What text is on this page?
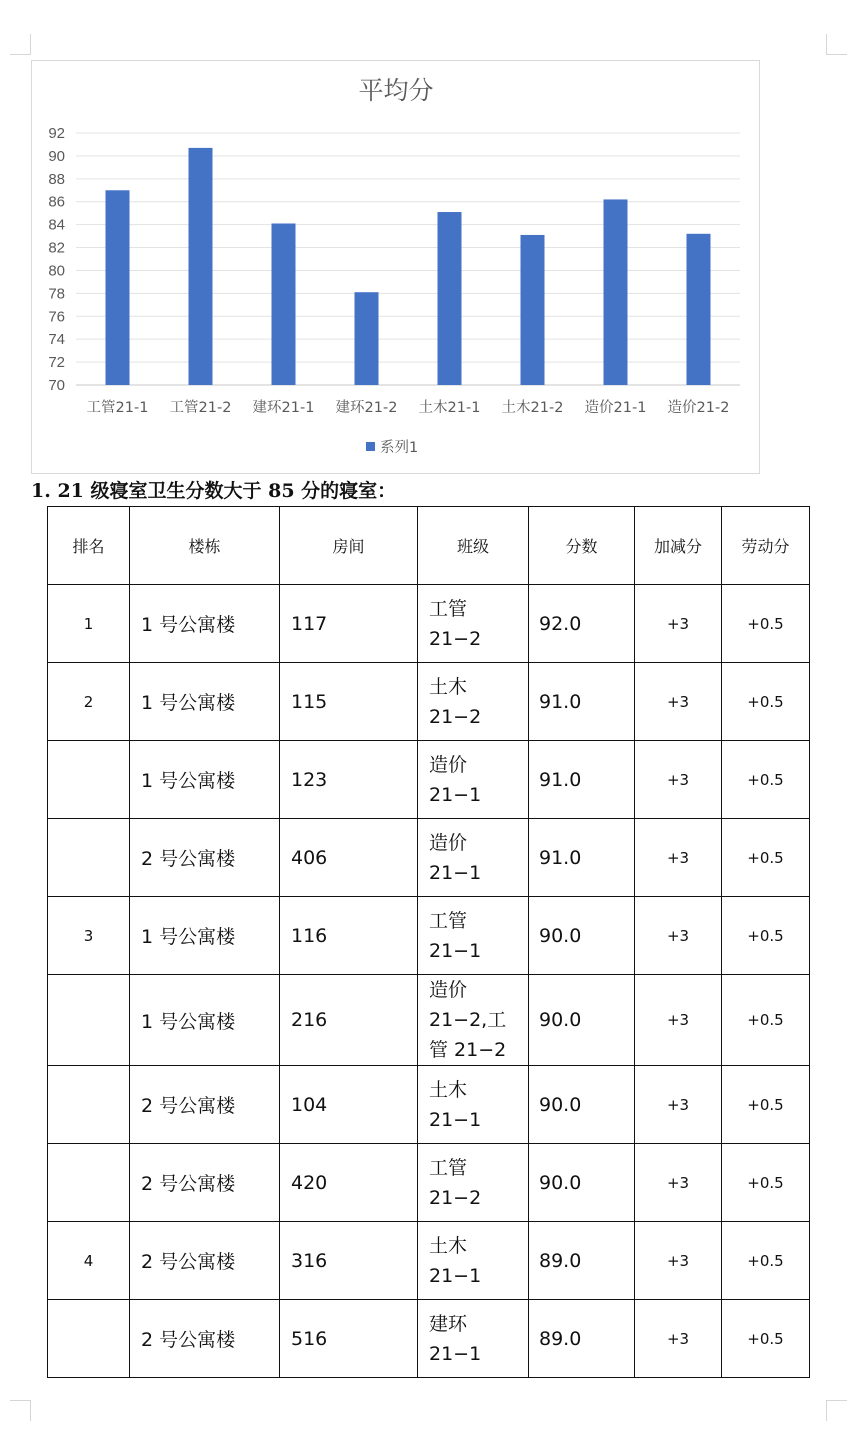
平均分
70
72
74
76
78
80
82
84
86
88
90
92
工管21-1 工管21-2 建环21-1 建环21-2 土木21-1 土木21-2 造价21-1 造价21-2
系列1
1. 21 级寝室卫生分数大于 85 分的寝室：
排名	楼栋	房间	班级	分数	加减分	劳动分
1	1 号公寓楼	117	工管 21−2	92.0	+3	+0.5
2	1 号公寓楼	115	土木 21−2	91.0	+3	+0.5
	1 号公寓楼	123	造价 21−1	91.0	+3	+0.5
	2 号公寓楼	406	造价 21−1	91.0	+3	+0.5
3	1 号公寓楼	116	工管 21−1	90.0	+3	+0.5
	1 号公寓楼	216	造价 21−2,工管 21−2	90.0	+3	+0.5
	2 号公寓楼	104	土木 21−1	90.0	+3	+0.5
	2 号公寓楼	420	工管 21−2	90.0	+3	+0.5
4	2 号公寓楼	316	土木 21−1	89.0	+3	+0.5
	2 号公寓楼	516	建环 21−1	89.0	+3	+0.5
